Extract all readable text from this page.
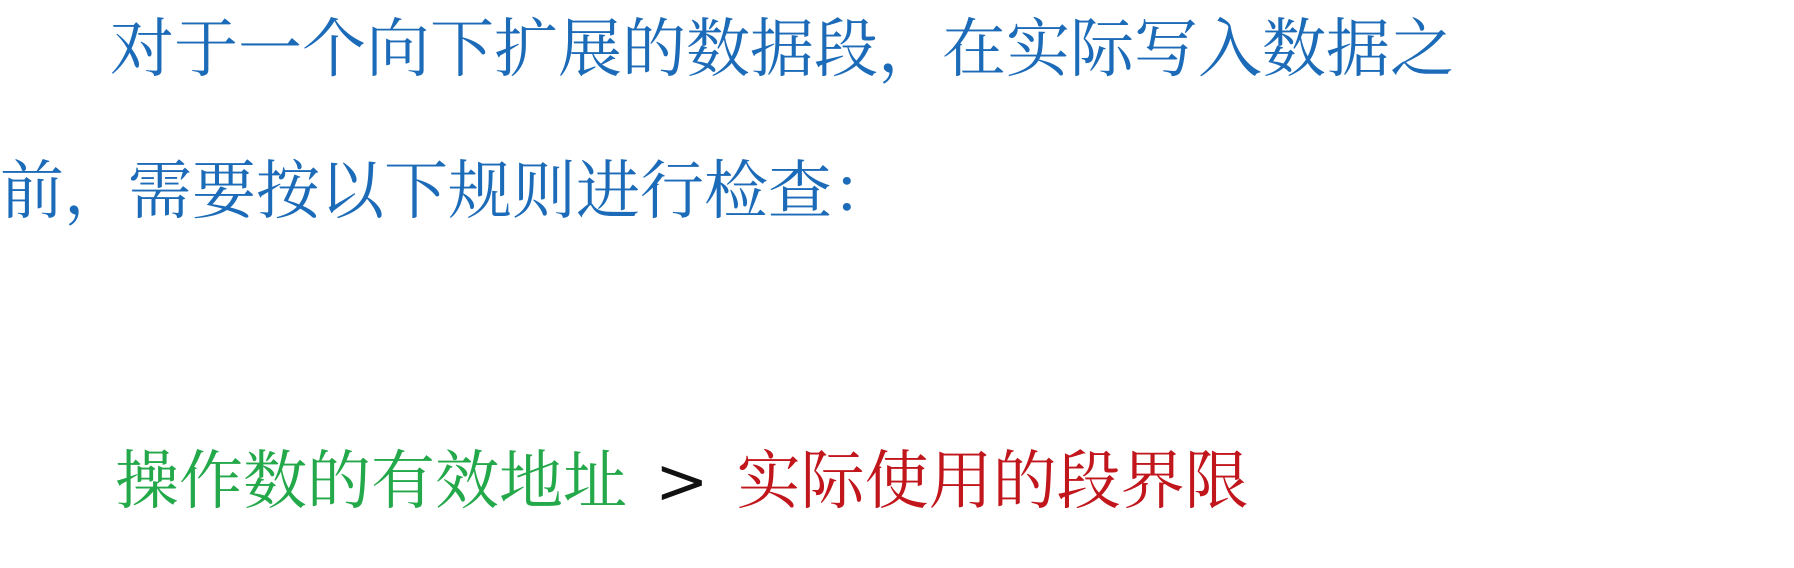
对于一个向下扩展的数据段，在实际写入数据之
前，需要按以下规则进行检查：
操作数的有效地址 > 实际使用的段界限
